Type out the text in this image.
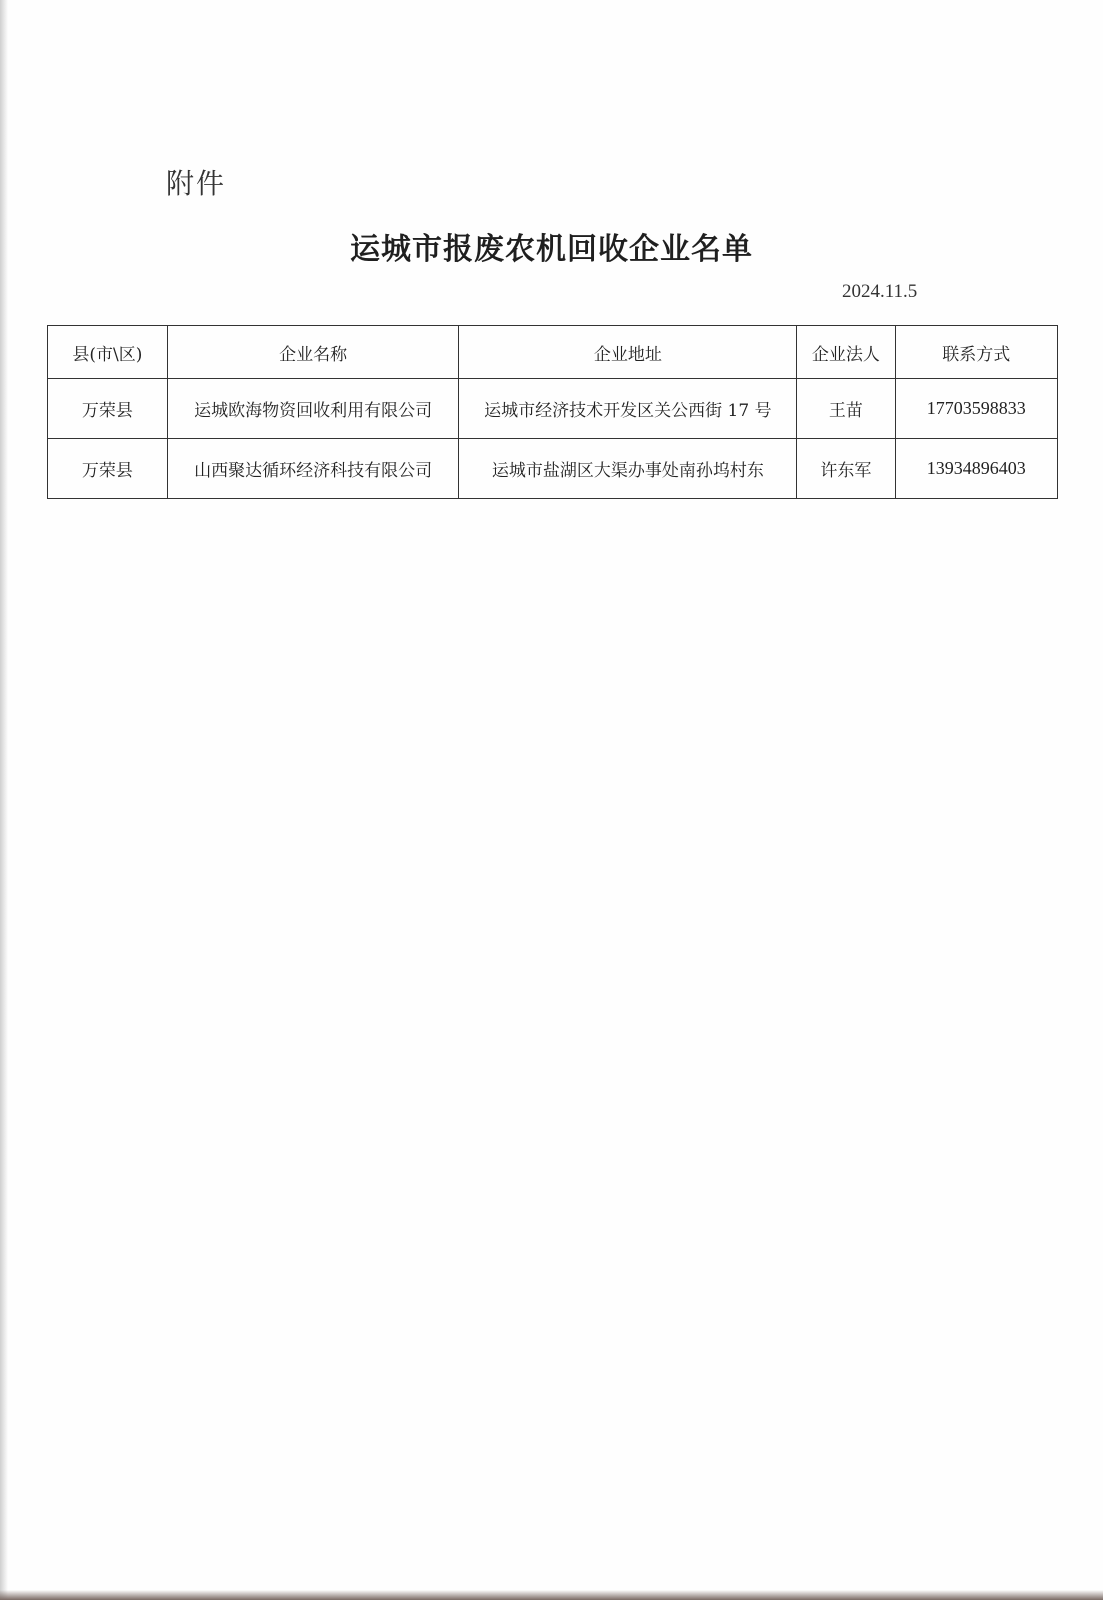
附件
运城市报废农机回收企业名单
2024.11.5
县(市\区)	企业名称	企业地址	企业法人	联系方式
万荣县	运城欧海物资回收利用有限公司	运城市经济技术开发区关公西街 17 号	王苗	17703598833
万荣县	山西聚达循环经济科技有限公司	运城市盐湖区大渠办事处南孙坞村东	许东军	13934896403
